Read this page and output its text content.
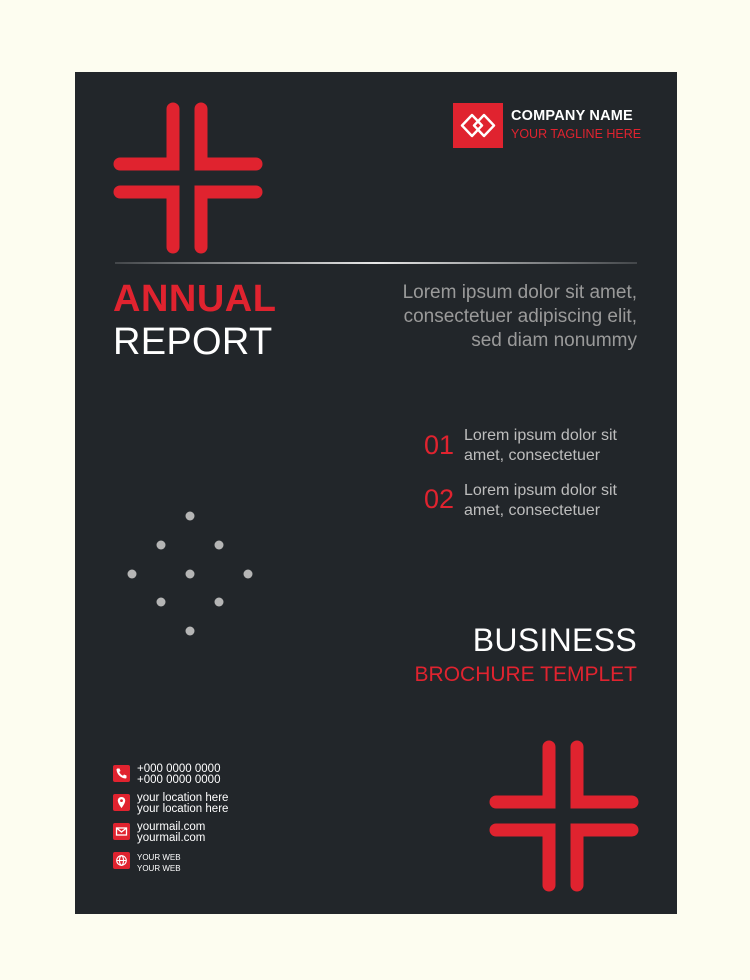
COMPANY NAME
YOUR TAGLINE HERE
ANNUAL
REPORT
Lorem ipsum dolor sit amet,
consectetuer adipiscing elit,
sed diam nonummy
01 Lorem ipsum dolor sit
amet, consectetuer
02 Lorem ipsum dolor sit
amet, consectetuer
BUSINESS
BROCHURE TEMPLET
+000 0000 0000
+000 0000 0000
your location here
your location here
yourmail.com
yourmail.com
YOUR WEB
YOUR WEB
